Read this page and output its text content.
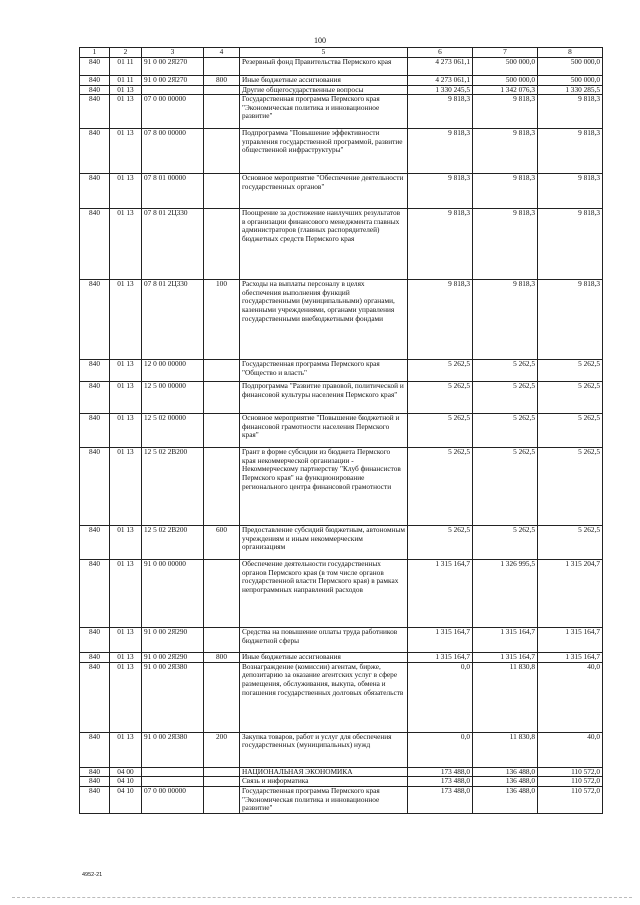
100
1	2	3	4	5	6	7	8
840	01 11	91 0 00 2Я270		Резервный фонд Правительства Пермского края	4 273 061,1	500 000,0	500 000,0
840	01 11	91 0 00 2Я270	800	Иные бюджетные ассигнования	4 273 061,1	500 000,0	500 000,0
840	01 13			Другие общегосударственные вопросы	1 330 245,5	1 342 076,3	1 330 285,5
840	01 13	07 0 00 00000		Государственная программа Пермского края "Экономическая политика и инновационное развитие"	9 818,3	9 818,3	9 818,3
840	01 13	07 8 00 00000		Подпрограмма "Повышение эффективности управления государственной программой, развитие общественной инфраструктуры"	9 818,3	9 818,3	9 818,3
840	01 13	07 8 01 00000		Основное мероприятие "Обеспечение деятельности государственных органов"	9 818,3	9 818,3	9 818,3
840	01 13	07 8 01 2Ц330		Поощрение за достижение наилучших результатов в организации финансового менеджмента главных администраторов (главных распорядителей) бюджетных средств Пермского края	9 818,3	9 818,3	9 818,3
840	01 13	07 8 01 2Ц330	100	Расходы на выплаты персоналу в целях обеспечения выполнения функций государственными (муниципальными) органами, казенными учреждениями, органами управления государственными внебюджетными фондами	9 818,3	9 818,3	9 818,3
840	01 13	12 0 00 00000		Государственная программа Пермского края "Общество и власть"	5 262,5	5 262,5	5 262,5
840	01 13	12 5 00 00000		Подпрограмма "Развитие правовой, политической и финансовой культуры населения Пермского края"	5 262,5	5 262,5	5 262,5
840	01 13	12 5 02 00000		Основное мероприятие "Повышение бюджетной и финансовой грамотности населения Пермского края"	5 262,5	5 262,5	5 262,5
840	01 13	12 5 02 2В200		Грант в форме субсидии из бюджета Пермского края некоммерческой организации - Некоммерческому партнерству "Клуб финансистов Пермского края" на функционирование регионального центра финансовой грамотности	5 262,5	5 262,5	5 262,5
840	01 13	12 5 02 2В200	600	Предоставление субсидий бюджетным, автономным учреждениям и иным некоммерческим организациям	5 262,5	5 262,5	5 262,5
840	01 13	91 0 00 00000		Обеспечение деятельности государственных органов Пермского края (в том числе органов государственной власти Пермского края) в рамках непрограммных направлений расходов	1 315 164,7	1 326 995,5	1 315 204,7
840	01 13	91 0 00 2Я290		Средства на повышение оплаты труда работников бюджетной сферы	1 315 164,7	1 315 164,7	1 315 164,7
840	01 13	91 0 00 2Я290	800	Иные бюджетные ассигнования	1 315 164,7	1 315 164,7	1 315 164,7
840	01 13	91 0 00 2Я380		Вознаграждение (комиссии) агентам, бирже, депозитарию за оказание агентских услуг в сфере размещения, обслуживания, выкупа, обмена и погашения государственных долговых обязательств	0,0	11 830,8	40,0
840	01 13	91 0 00 2Я380	200	Закупка товаров, работ и услуг для обеспечения государственных (муниципальных) нужд	0,0	11 830,8	40,0
840	04 00			НАЦИОНАЛЬНАЯ ЭКОНОМИКА	173 488,0	136 488,0	110 572,0
840	04 10			Связь и информатика	173 488,0	136 488,0	110 572,0
840	04 10	07 0 00 00000		Государственная программа Пермского края "Экономическая политика и инновационное развитие"	173 488,0	136 488,0	110 572,0
4952-21
